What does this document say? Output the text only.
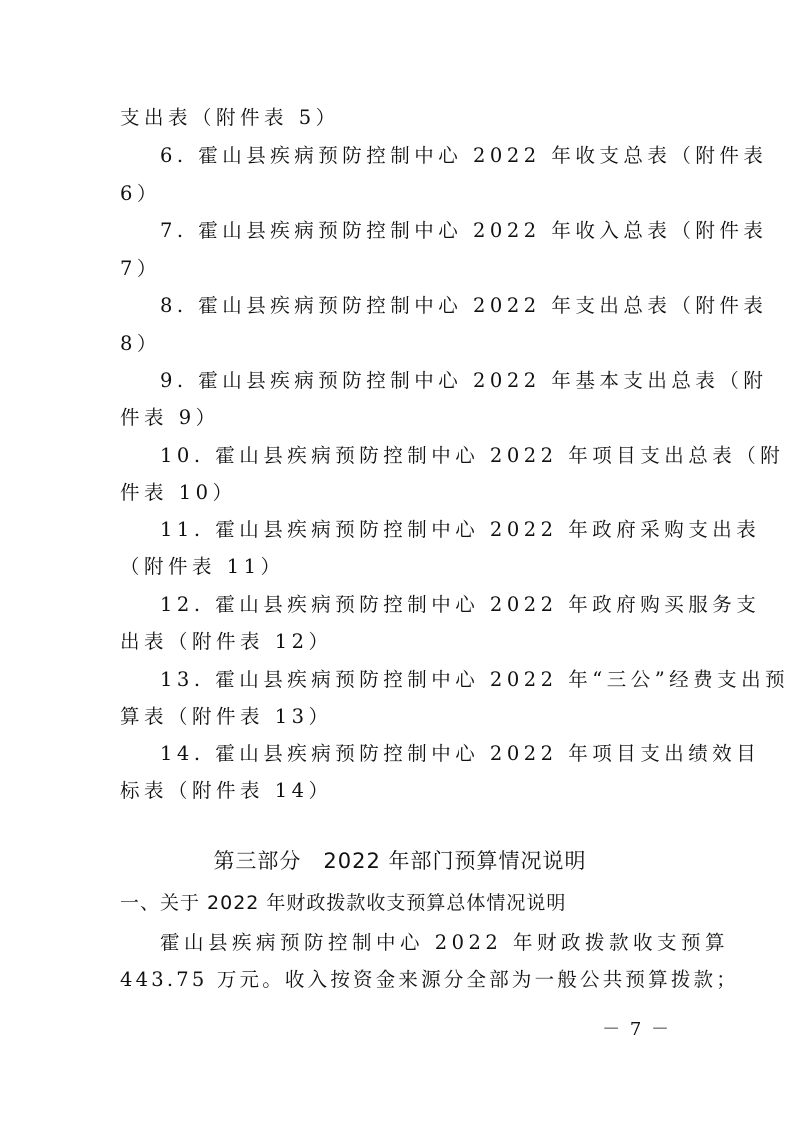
支出表（附件表 5）
6. 霍山县疾病预防控制中心 2022 年收支总表（附件表
6）
7. 霍山县疾病预防控制中心 2022 年收入总表（附件表
7）
8. 霍山县疾病预防控制中心 2022 年支出总表（附件表
8）
9. 霍山县疾病预防控制中心 2022 年基本支出总表（附
件表 9）
10. 霍山县疾病预防控制中心 2022 年项目支出总表（附
件表 10）
11. 霍山县疾病预防控制中心 2022 年政府采购支出表
（附件表 11）
12. 霍山县疾病预防控制中心 2022 年政府购买服务支
出表（附件表 12）
13. 霍山县疾病预防控制中心 2022 年“三公”经费支出预
算表（附件表 13）
14. 霍山县疾病预防控制中心 2022 年项目支出绩效目
标表（附件表 14）
第三部分　2022 年部门预算情况说明
一、关于 2022 年财政拨款收支预算总体情况说明
霍山县疾病预防控制中心 2022 年财政拨款收支预算
443.75 万元。收入按资金来源分全部为一般公共预算拨款；
－ 7 －
